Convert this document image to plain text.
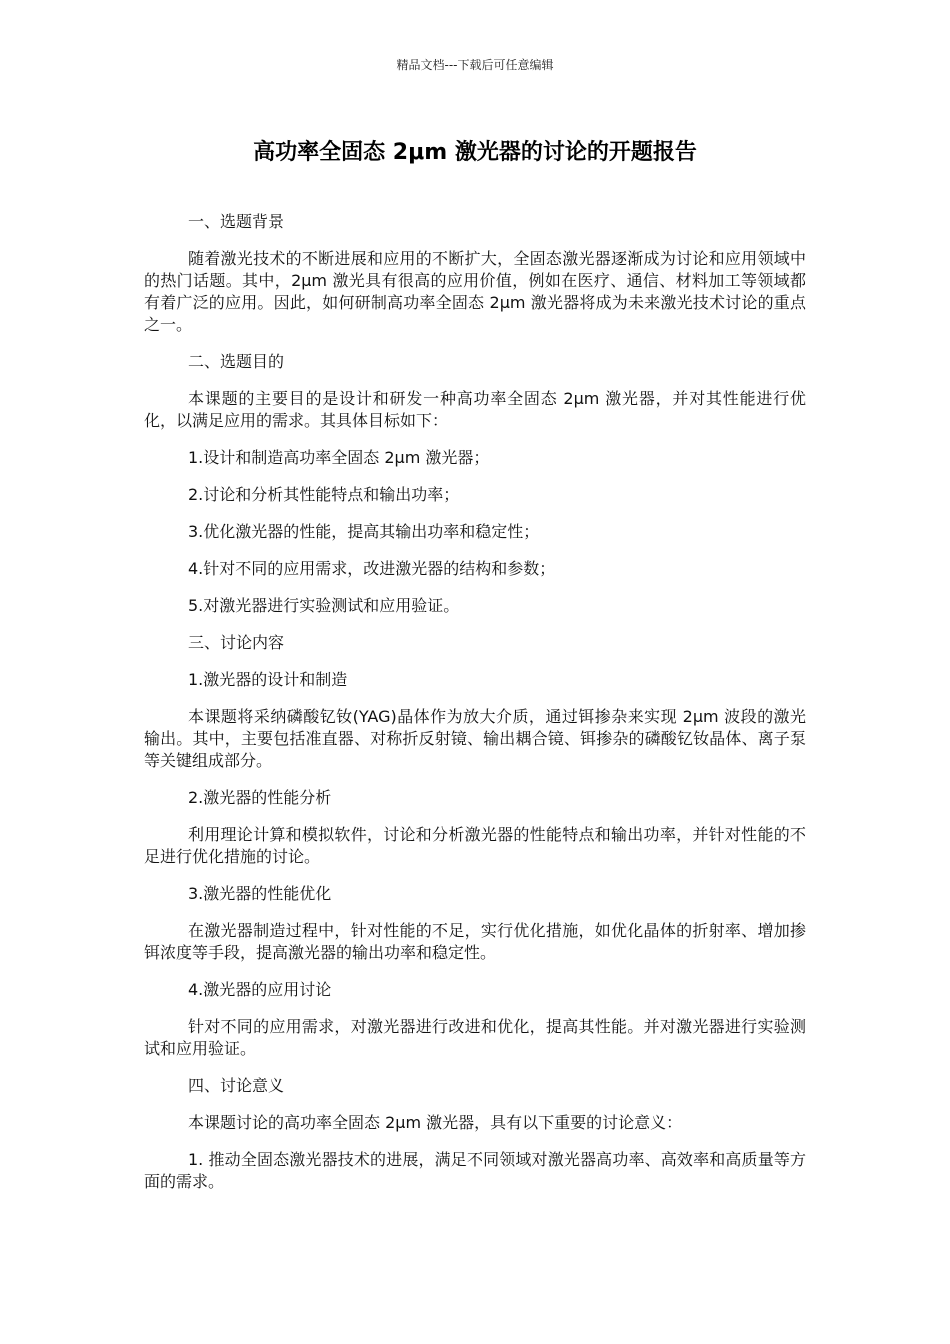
精品文档---下载后可任意编辑
高功率全固态 2μm 激光器的讨论的开题报告

一、选题背景

随着激光技术的不断进展和应用的不断扩大，全固态激光器逐渐成为讨论和应用领域中的热门话题。其中，2μm 激光具有很高的应用价值，例如在医疗、通信、材料加工等领域都有着广泛的应用。因此，如何研制高功率全固态 2μm 激光器将成为未来激光技术讨论的重点之一。

二、选题目的

本课题的主要目的是设计和研发一种高功率全固态 2μm 激光器，并对其性能进行优化，以满足应用的需求。其具体目标如下：

1.设计和制造高功率全固态 2μm 激光器；

2.讨论和分析其性能特点和输出功率；

3.优化激光器的性能，提高其输出功率和稳定性；

4.针对不同的应用需求，改进激光器的结构和参数；

5.对激光器进行实验测试和应用验证。

三、讨论内容

1.激光器的设计和制造

本课题将采纳磷酸钇钕(YAG)晶体作为放大介质，通过铒掺杂来实现 2μm 波段的激光输出。其中，主要包括准直器、对称折反射镜、输出耦合镜、铒掺杂的磷酸钇钕晶体、离子泵等关键组成部分。

2.激光器的性能分析

利用理论计算和模拟软件，讨论和分析激光器的性能特点和输出功率，并针对性能的不足进行优化措施的讨论。

3.激光器的性能优化

在激光器制造过程中，针对性能的不足，实行优化措施，如优化晶体的折射率、增加掺铒浓度等手段，提高激光器的输出功率和稳定性。

4.激光器的应用讨论

针对不同的应用需求，对激光器进行改进和优化，提高其性能。并对激光器进行实验测试和应用验证。

四、讨论意义

本课题讨论的高功率全固态 2μm 激光器，具有以下重要的讨论意义：

1. 推动全固态激光器技术的进展，满足不同领域对激光器高功率、高效率和高质量等方面的需求。
